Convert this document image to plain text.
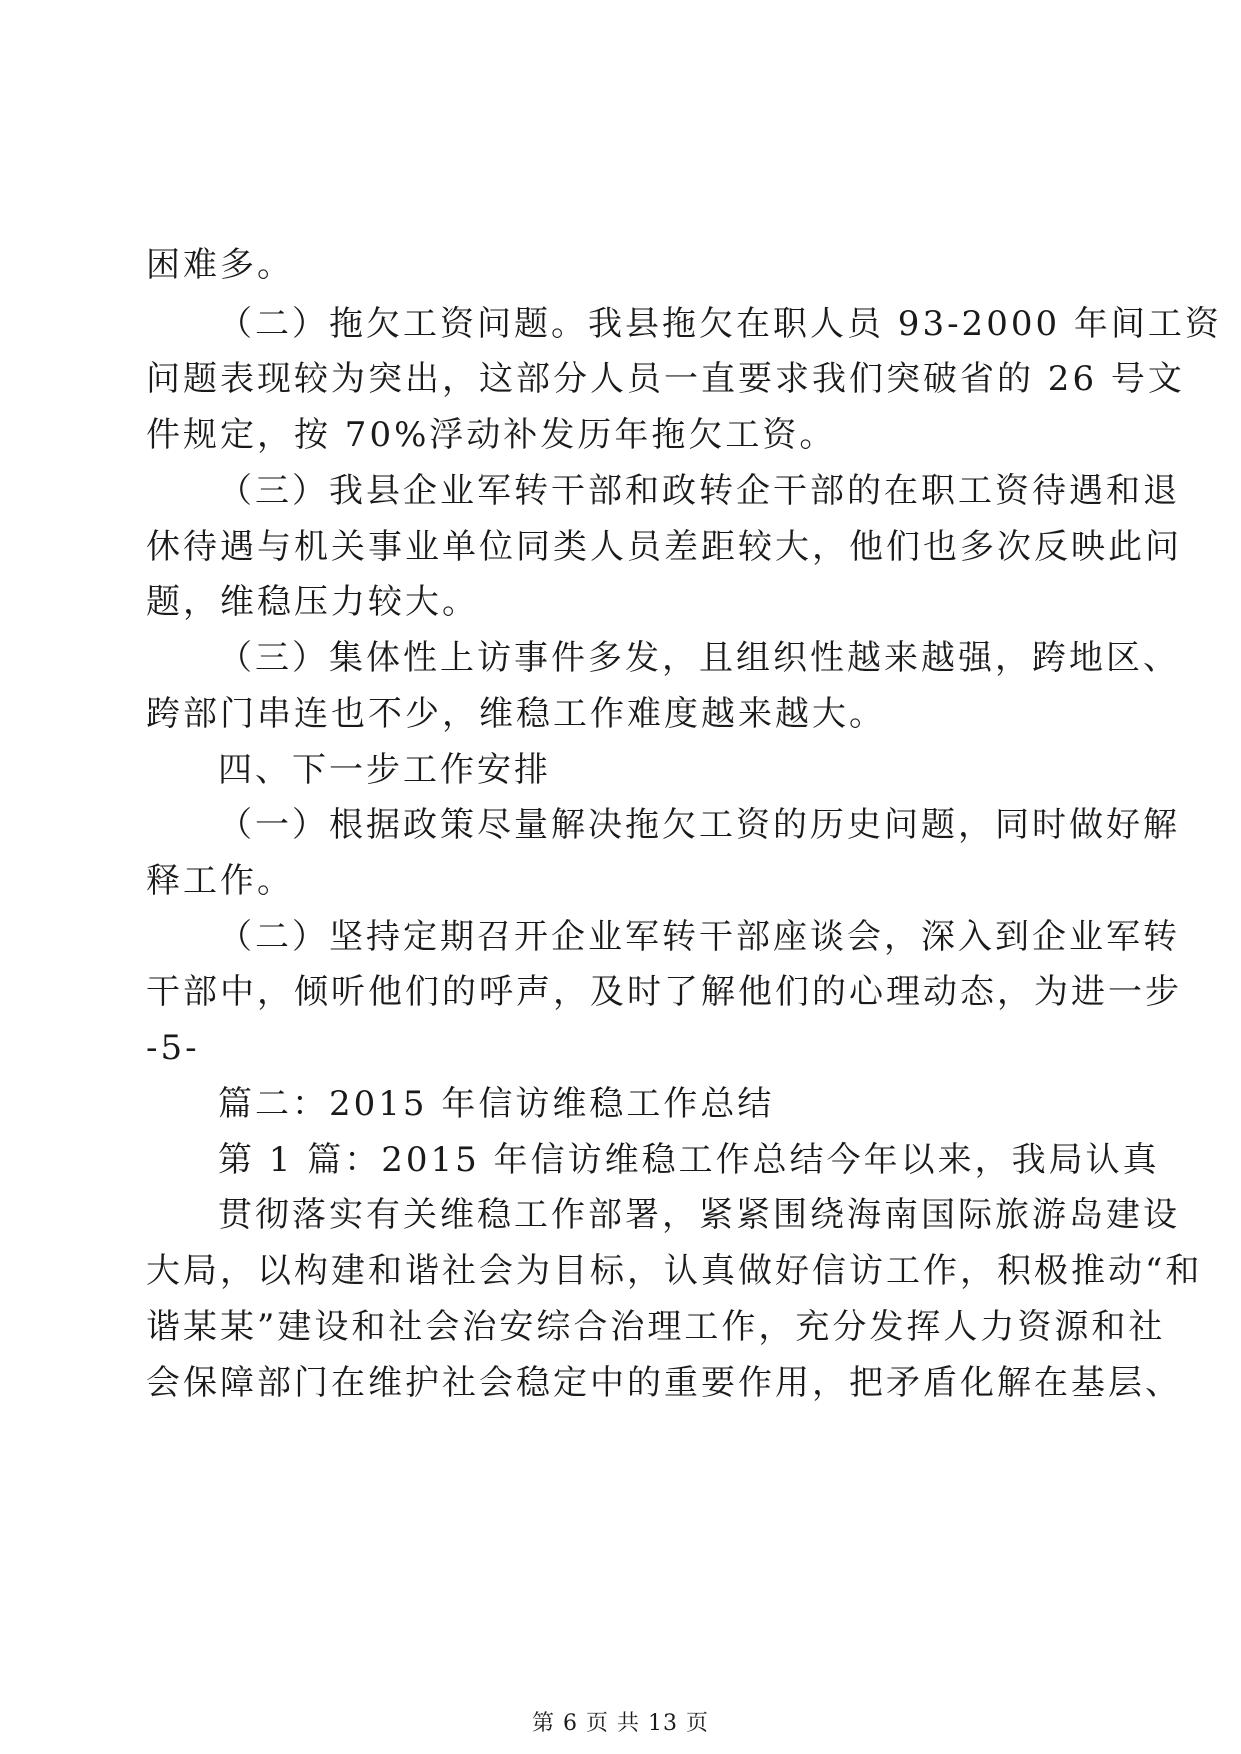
困难多。

（二）拖欠工资问题。我县拖欠在职人员 93-2000 年间工资

问题表现较为突出，这部分人员一直要求我们突破省的 26 号文

件规定，按 70%浮动补发历年拖欠工资。

（三）我县企业军转干部和政转企干部的在职工资待遇和退

休待遇与机关事业单位同类人员差距较大，他们也多次反映此问

题，维稳压力较大。

（三）集体性上访事件多发，且组织性越来越强，跨地区、

跨部门串连也不少，维稳工作难度越来越大。

四、下一步工作安排

（一）根据政策尽量解决拖欠工资的历史问题，同时做好解

释工作。

（二）坚持定期召开企业军转干部座谈会，深入到企业军转

干部中，倾听他们的呼声，及时了解他们的心理动态，为进一步

-5-

篇二：2015 年信访维稳工作总结

第 1 篇：2015 年信访维稳工作总结今年以来，我局认真

贯彻落实有关维稳工作部署，紧紧围绕海南国际旅游岛建设

大局，以构建和谐社会为目标，认真做好信访工作，积极推动“和

谐某某”建设和社会治安综合治理工作，充分发挥人力资源和社

会保障部门在维护社会稳定中的重要作用，把矛盾化解在基层、

第 6 页 共 13 页
